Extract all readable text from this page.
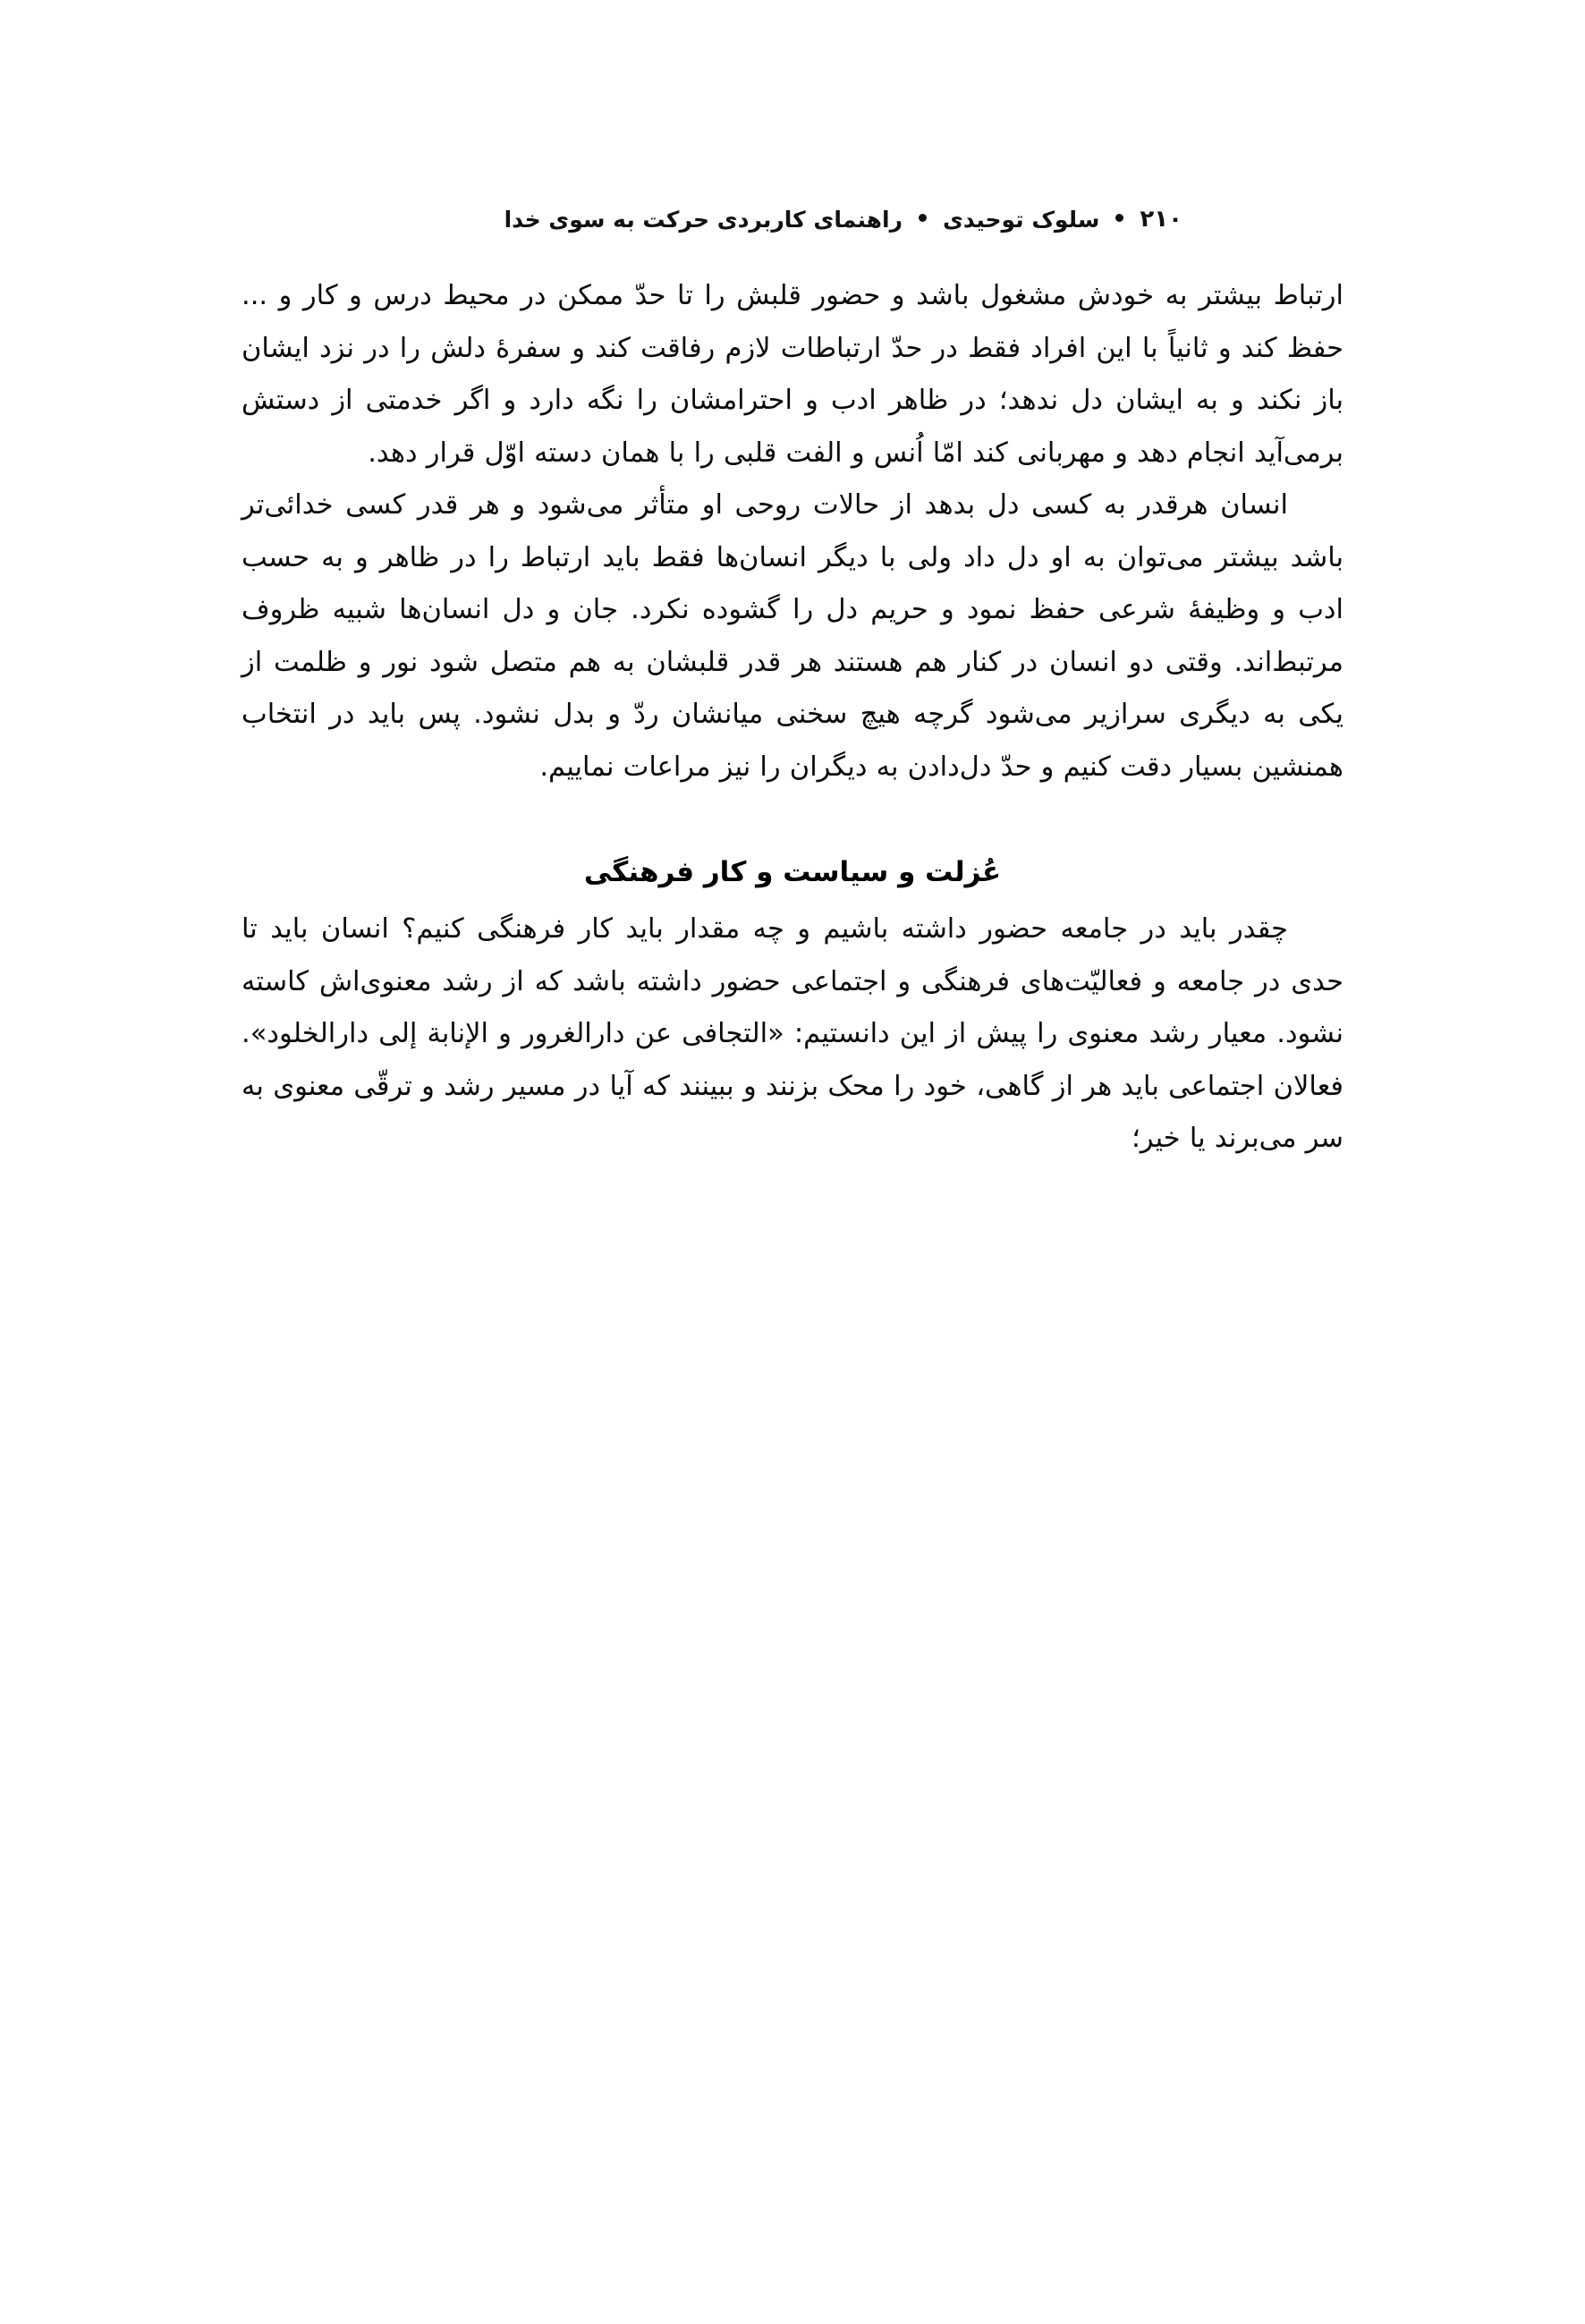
۲۱۰
سلوک توحیدی
راهنمای کاربردی حرکت به سوی خدا

ارتباط بیشتر به خودش مشغول باشد و حضور قلبش را تا حدّ ممکن در محیط درس و کار و ... حفظ کند و ثانیاً با این افراد فقط در حدّ ارتباطات لازم رفاقت کند و سفرهٔ دلش را در نزد ایشان باز نکند و به ایشان دل ندهد؛ در ظاهر ادب و احترامشان را نگه دارد و اگر خدمتی از دستش برمی‌آید انجام دهد و مهربانی کند امّا اُنس و الفت قلبی را با همان دسته اوّل قرار دهد.

انسان هرقدر به کسی دل بدهد از حالات روحی او متأثر می‌شود و هر قدر کسی خدائی‌تر باشد بیشتر می‌توان به او دل داد ولی با دیگر انسان‌ها فقط باید ارتباط را در ظاهر و به حسب ادب و وظیفهٔ شرعی حفظ نمود و حریم دل را گشوده نکرد. جان و دل انسان‌ها شبیه ظروف مرتبط‌اند. وقتی دو انسان در کنار هم هستند هر قدر قلبشان به هم متصل شود نور و ظلمت از یکی به دیگری سرازیر می‌شود گرچه هیچ سخنی میانشان ردّ و بدل نشود. پس باید در انتخاب همنشین بسیار دقت کنیم و حدّ دل‌دادن به دیگران را نیز مراعات نماییم.

عُزلت و سیاست و کار فرهنگی

چقدر باید در جامعه حضور داشته باشیم و چه مقدار باید کار فرهنگی کنیم؟ انسان باید تا حدی در جامعه و فعالیّت‌های فرهنگی و اجتماعی حضور داشته باشد که از رشد معنوی‌اش کاسته نشود. معیار رشد معنوی را پیش از این دانستیم: «التجافی عن دارالغرور و الإنابة إلی دارالخلود». فعالان اجتماعی باید هر از گاهی، خود را محک بزنند و ببینند که آیا در مسیر رشد و ترقّی معنوی به سر می‌برند یا خیر؛
